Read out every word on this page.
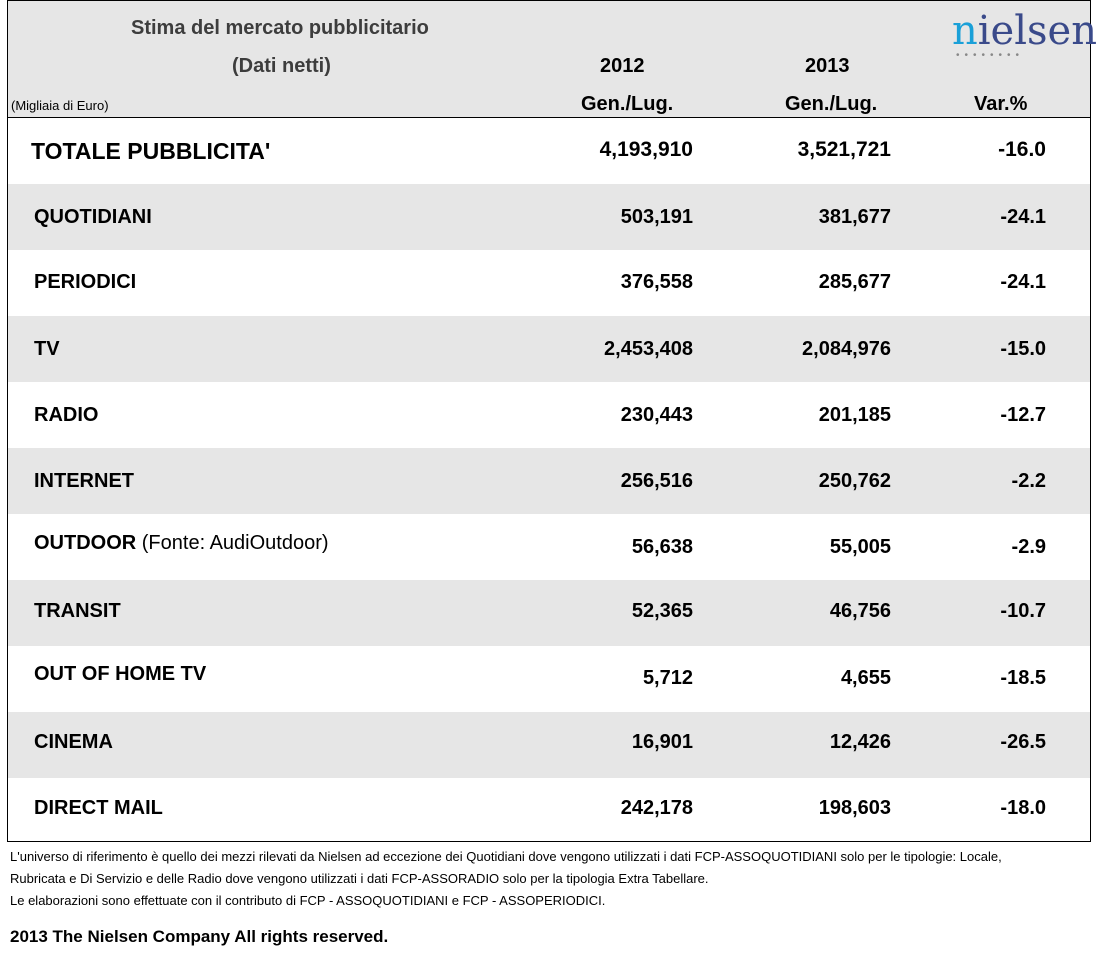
Stima del mercato pubblicitario
(Dati netti)
(Migliaia di Euro)
2012	2013
Gen./Lug.	Gen./Lug.	Var.%
nielsen
••••••••
TOTALE PUBBLICITA'	4,193,910	3,521,721	-16.0
QUOTIDIANI	503,191	381,677	-24.1
PERIODICI	376,558	285,677	-24.1
TV	2,453,408	2,084,976	-15.0
RADIO	230,443	201,185	-12.7
INTERNET	256,516	250,762	-2.2
OUTDOOR (Fonte: AudiOutdoor)	56,638	55,005	-2.9
TRANSIT	52,365	46,756	-10.7
OUT OF HOME TV	5,712	4,655	-18.5
CINEMA	16,901	12,426	-26.5
DIRECT MAIL	242,178	198,603	-18.0
L'universo di riferimento è quello dei mezzi rilevati da Nielsen ad eccezione dei Quotidiani dove vengono utilizzati i dati FCP-ASSOQUOTIDIANI solo per le tipologie: Locale,
Rubricata e Di Servizio e delle Radio dove vengono utilizzati i dati FCP-ASSORADIO solo per la tipologia Extra Tabellare.
Le elaborazioni sono effettuate con il contributo di FCP - ASSOQUOTIDIANI e FCP - ASSOPERIODICI.
2013 The Nielsen Company All rights reserved.
